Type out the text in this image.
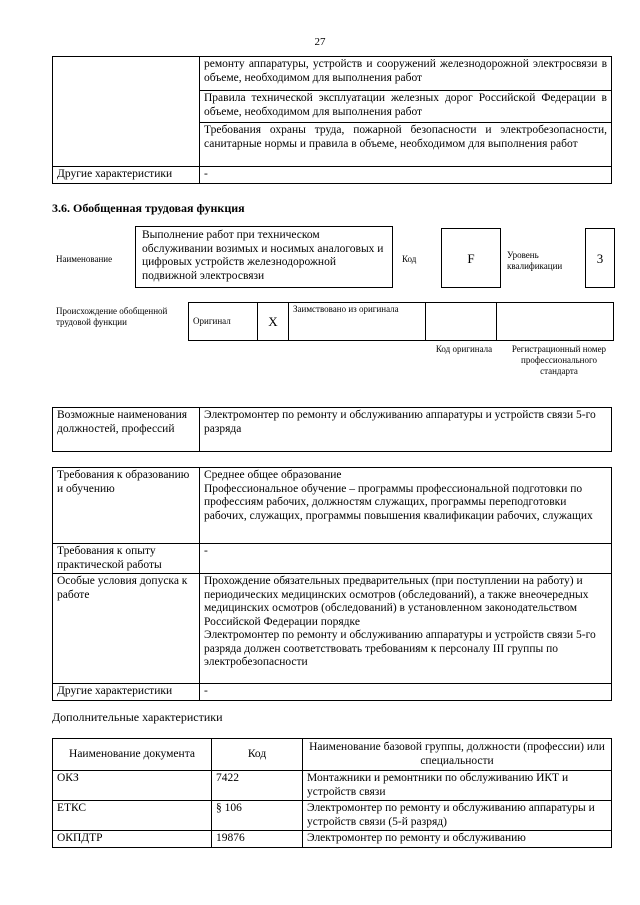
27
	ремонту аппаратуры, устройств и сооружений железнодорожной электросвязи в объеме, необходимом для выполнения работ
	Правила технической эксплуатации железных дорог Российской Федерации в объеме, необходимом для выполнения работ
	Требования охраны труда, пожарной безопасности и электробезопасности, санитарные нормы и правила в объеме, необходимом для выполнения работ
Другие характеристики	-
3.6. Обобщенная трудовая функция
Наименование
Выполнение работ при техническом обслуживании возимых и носимых аналоговых и цифровых устройств железнодорожной подвижной электросвязи
Код	F	Уровень квалификации	3
Происхождение обобщенной трудовой функции	Оригинал	X	Заимствовано из оригинала		
Код оригинала	Регистрационный номер профессионального стандарта
Возможные наименования должностей, профессий	Электромонтер по ремонту и обслуживанию аппаратуры и устройств связи 5-го разряда
Требования к образованию и обучению	Среднее общее образование
Профессиональное обучение – программы профессиональной подготовки по профессиям рабочих, должностям служащих, программы переподготовки рабочих, служащих, программы повышения квалификации рабочих, служащих

Требования к опыту практической работы	-
Особые условия допуска к работе	Прохождение обязательных предварительных (при поступлении на работу) и периодических медицинских осмотров (обследований), а также внеочередных медицинских осмотров (обследований) в установленном законодательством Российской Федерации порядке
Электромонтер по ремонту и обслуживанию аппаратуры и устройств связи 5-го разряда должен соответствовать требованиям к персоналу III группы по электробезопасности

Другие характеристики	-
Дополнительные характеристики
Наименование документа	Код	Наименование базовой группы, должности (профессии) или специальности
ОКЗ	7422	Монтажники и ремонтники по обслуживанию ИКТ и устройств связи
ЕТКС	§ 106	Электромонтер по ремонту и обслуживанию аппаратуры и устройств связи (5-й разряд)
ОКПДТР	19876	Электромонтер по ремонту и обслуживанию
